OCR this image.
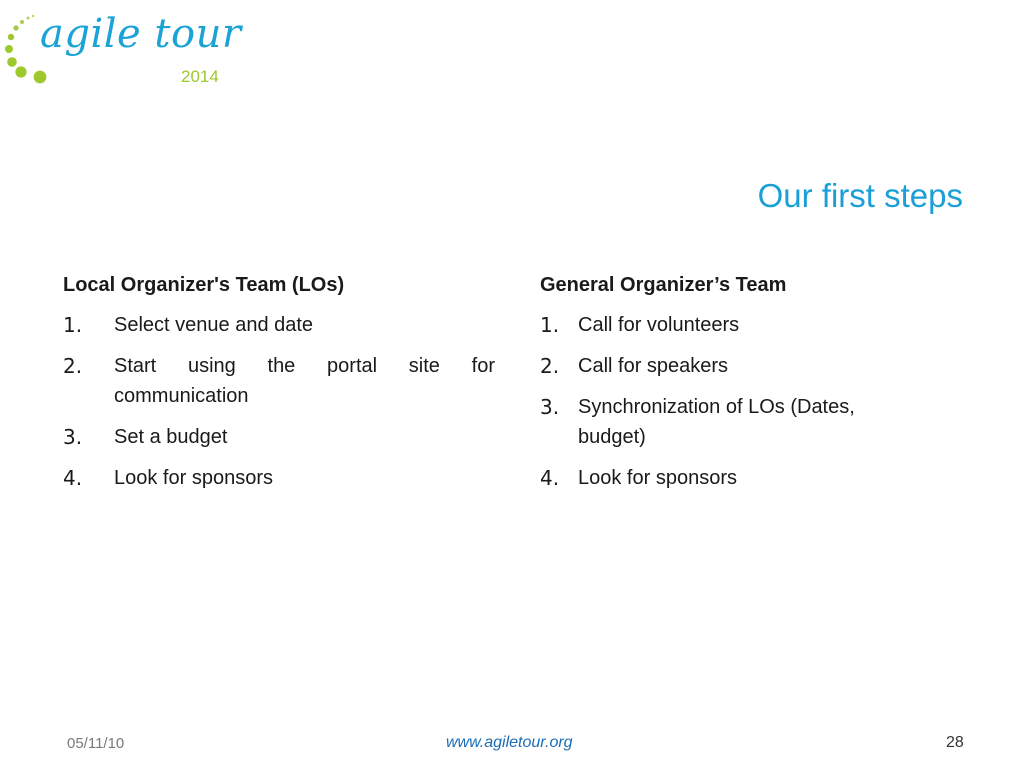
agile tour
2014
Our first steps
Local Organizer's Team (LOs)
1.	Select venue and date
2.	Start using the portal site for communication
3.	Set a budget
4.	Look for sponsors
General Organizer’s Team
1. Call for volunteers
2. Call for speakers
3. Synchronization of LOs (Dates, budget)
4. Look for sponsors
05/11/10	www.agiletour.org	28
